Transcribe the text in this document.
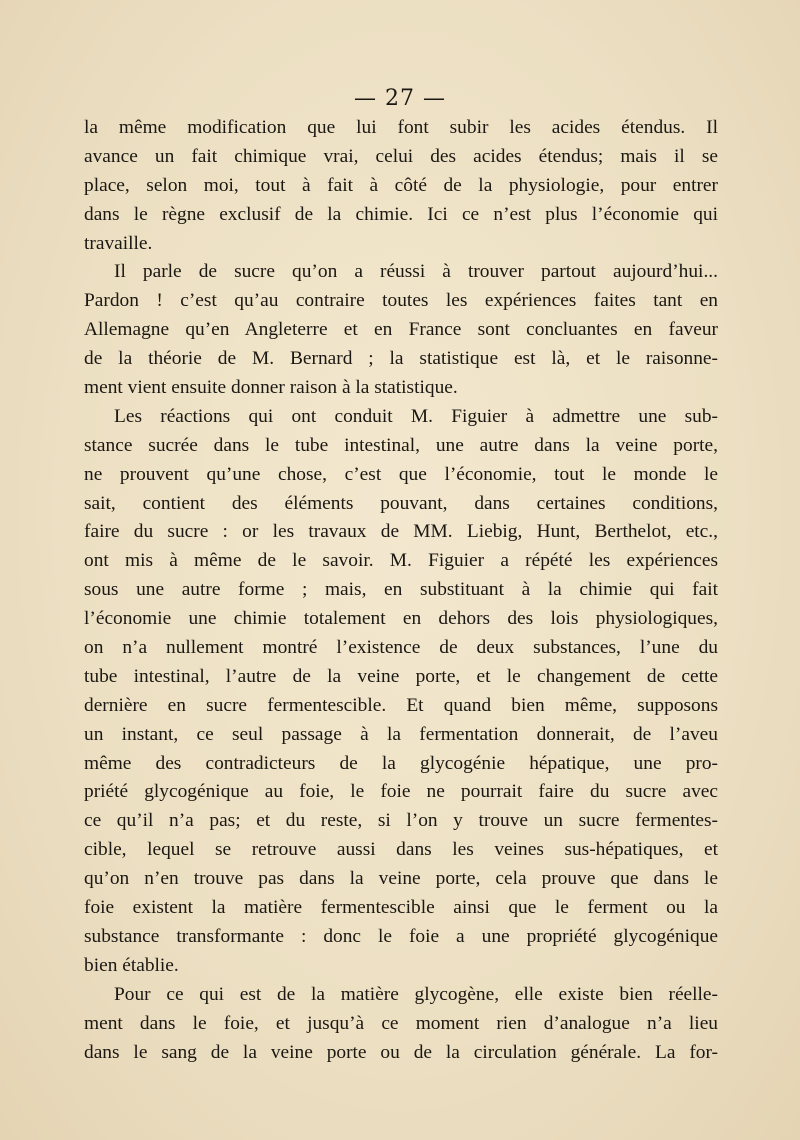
— 27 —
la même modification que lui font subir les acides étendus. Il
avance un fait chimique vrai, celui des acides étendus; mais il se
place, selon moi, tout à fait à côté de la physiologie, pour entrer
dans le règne exclusif de la chimie. Ici ce n’est plus l’économie qui
travaille.
Il parle de sucre qu’on a réussi à trouver partout aujourd’hui...
Pardon ! c’est qu’au contraire toutes les expériences faites tant en
Allemagne qu’en Angleterre et en France sont concluantes en faveur
de la théorie de M. Bernard ; la statistique est là, et le raisonne-
ment vient ensuite donner raison à la statistique.
Les réactions qui ont conduit M. Figuier à admettre une sub-
stance sucrée dans le tube intestinal, une autre dans la veine porte,
ne prouvent qu’une chose, c’est que l’économie, tout le monde le
sait, contient des éléments pouvant, dans certaines conditions,
faire du sucre : or les travaux de MM. Liebig, Hunt, Berthelot, etc.,
ont mis à même de le savoir. M. Figuier a répété les expériences
sous une autre forme ; mais, en substituant à la chimie qui fait
l’économie une chimie totalement en dehors des lois physiologiques,
on n’a nullement montré l’existence de deux substances, l’une du
tube intestinal, l’autre de la veine porte, et le changement de cette
dernière en sucre fermentescible. Et quand bien même, supposons
un instant, ce seul passage à la fermentation donnerait, de l’aveu
même des contradicteurs de la glycogénie hépatique, une pro-
priété glycogénique au foie, le foie ne pourrait faire du sucre avec
ce qu’il n’a pas; et du reste, si l’on y trouve un sucre fermentes-
cible, lequel se retrouve aussi dans les veines sus-hépatiques, et
qu’on n’en trouve pas dans la veine porte, cela prouve que dans le
foie existent la matière fermentescible ainsi que le ferment ou la
substance transformante : donc le foie a une propriété glycogénique
bien établie.
Pour ce qui est de la matière glycogène, elle existe bien réelle-
ment dans le foie, et jusqu’à ce moment rien d’analogue n’a lieu
dans le sang de la veine porte ou de la circulation générale. La for-
